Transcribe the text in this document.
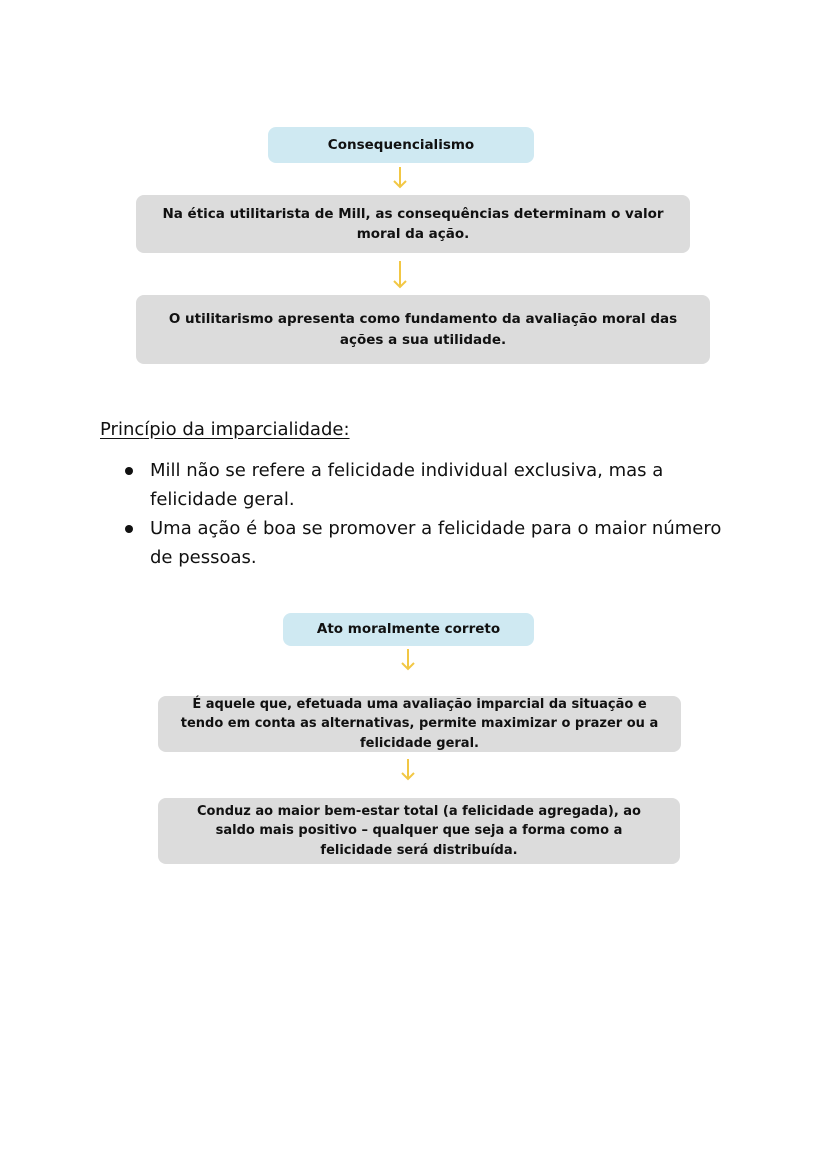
Consequencialismo
Na ética utilitarista de Mill, as consequências determinam o valor moral da ação.
O utilitarismo apresenta como fundamento da avaliação moral das ações a sua utilidade.
Princípio da imparcialidade:
Mill não se refere a felicidade individual exclusiva, mas a felicidade geral.
Uma ação é boa se promover a felicidade para o maior número de pessoas.
Ato moralmente correto
É aquele que, efetuada uma avaliação imparcial da situação e tendo em conta as alternativas, permite maximizar o prazer ou a felicidade geral.
Conduz ao maior bem-estar total (a felicidade agregada), ao saldo mais positivo – qualquer que seja a forma como a felicidade será distribuída.
